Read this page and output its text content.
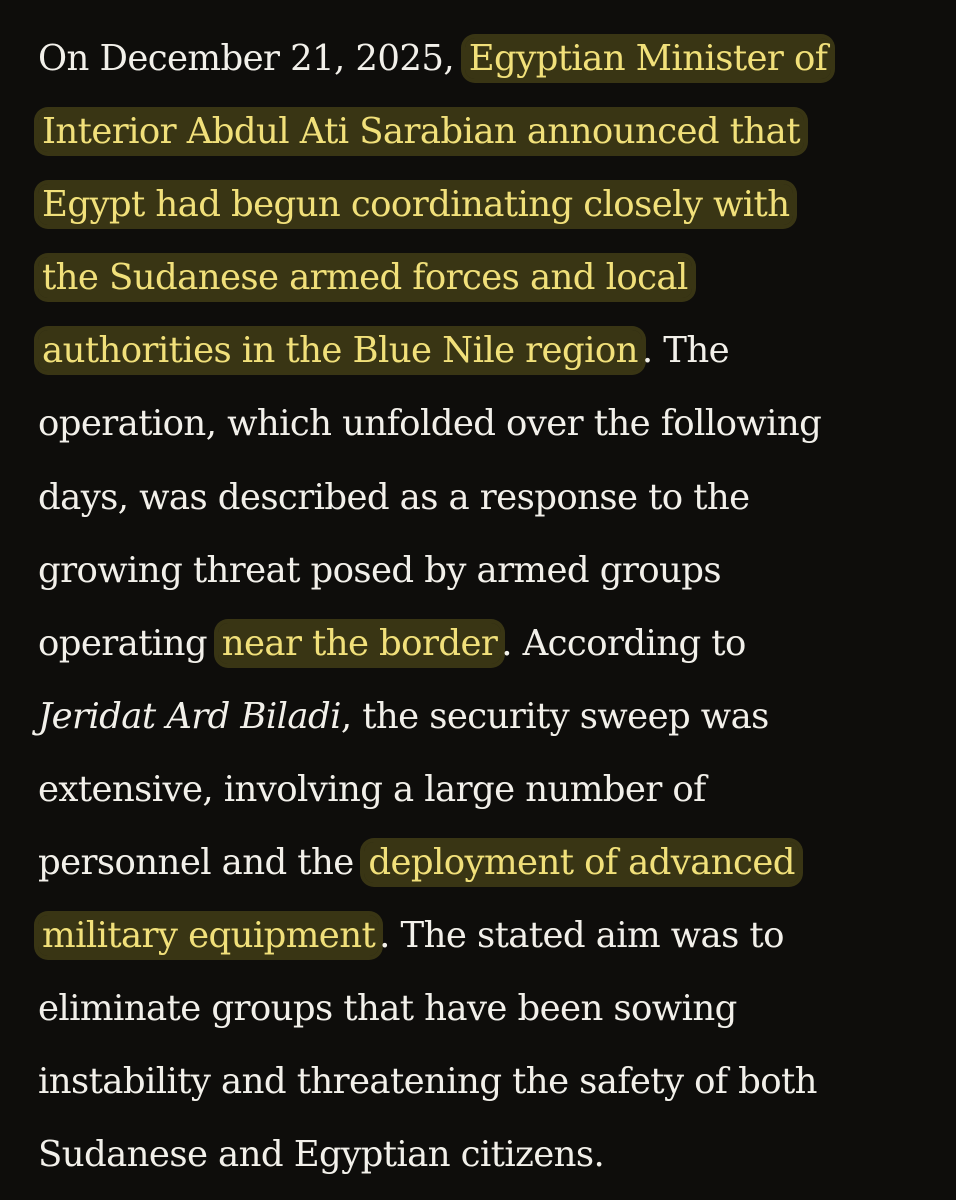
On December 21, 2025, Egyptian Minister of
Interior Abdul Ati Sarabian announced that
Egypt had begun coordinating closely with
the Sudanese armed forces and local
authorities in the Blue Nile region . The
operation, which unfolded over the following
days, was described as a response to the
growing threat posed by armed groups
operating near the border . According to
Jeridat Ard Biladi, the security sweep was
extensive, involving a large number of
personnel and the deployment of advanced
military equipment . The stated aim was to
eliminate groups that have been sowing
instability and threatening the safety of both
Sudanese and Egyptian citizens.
